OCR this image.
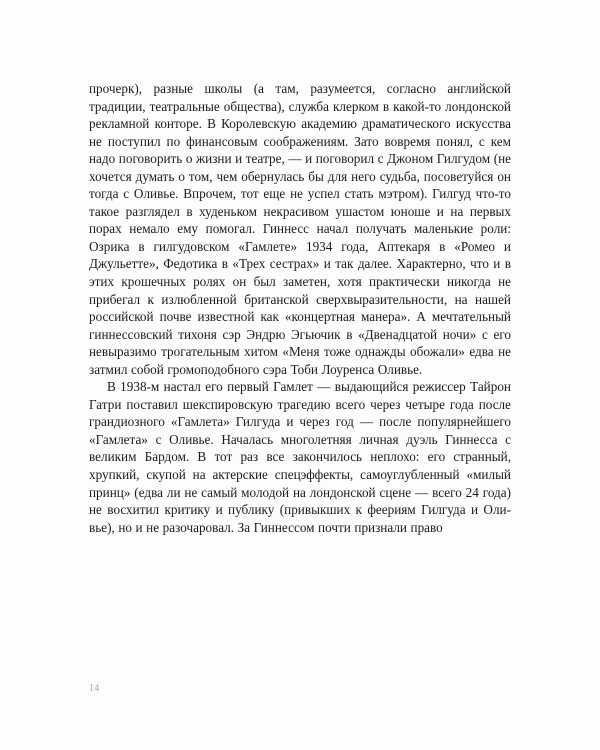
прочерк), разные школы (а там, разумеется, согласно английской традиции, театральные общества), служба клерком в какой-то лондонской рекламной конторе. В Королевскую академию драматического искусства не поступил по финансовым соображениям. Зато вовремя понял, с кем надо поговорить о жизни и театре, — и поговорил с Джоном Гилгудом (не хочется думать о том, чем обернулась бы для него судьба, посоветуйся он тогда с Оливье. Впрочем, тот еще не успел стать мэтром). Гилгуд что-то такое разглядел в худеньком некрасивом ушастом юноше и на первых порах немало ему помогал. Гиннесс начал получать маленькие роли: Озрика в гилгудовском «Гамлете» 1934 года, Аптекаря в «Ромео и Джульетте», Федотика в «Трех сестрах» и так далее. Характерно, что и в этих крошечных ролях он был заметен, хотя практически никогда не прибегал к излюбленной британской сверхвыразительности, на нашей российской почве известной как «концертная манера». А мечтательный гиннессовский тихоня сэр Эндрю Эгьючик в «Двенадцатой ночи» с его невыразимо трогательным хитом «Меня тоже однажды обожали» едва не затмил собой громоподобного сэра Тоби Лоуренса Оливье.

В 1938-м настал его первый Гамлет — выдающийся режиссер Тайрон Гатри поставил шекспировскую трагедию всего через четыре года после грандиозного «Гамлета» Гилгуда и через год — после популярнейшего «Гамлета» с Оливье. Началась многолетняя личная дуэль Гиннесса с великим Бардом. В тот раз все закончилось неплохо: его странный, хрупкий, скупой на актерские спецэффекты, самоуглубленный «милый принц» (едва ли не самый молодой на лондонской сцене — всего 24 года) не восхитил критику и публику (привыкших к феериям Гилгуда и Оливье), но и не разочаровал. За Гиннессом почти признали право

14
